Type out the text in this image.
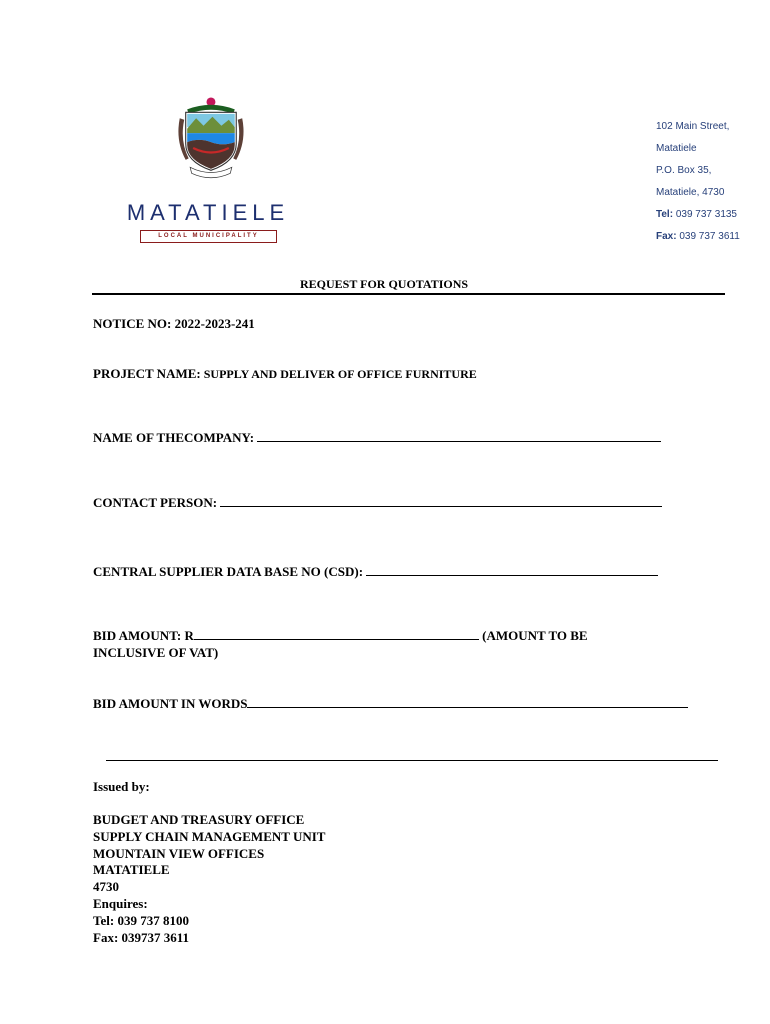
MATATIELE
LOCAL MUNICIPALITY
102 Main Street,
Matatiele
P.O. Box 35,
Matatiele, 4730
Tel: 039 737 3135
Fax: 039 737 3611
REQUEST FOR QUOTATIONS
NOTICE NO: 2022-2023-241
PROJECT NAME: SUPPLY AND DELIVER OF OFFICE FURNITURE
NAME OF THECOMPANY:
CONTACT PERSON:
CENTRAL SUPPLIER DATA BASE NO (CSD):
BID AMOUNT: R	(AMOUNT TO BE
INCLUSIVE OF VAT)
BID AMOUNT IN WORDS
Issued by:
BUDGET AND TREASURY OFFICE
SUPPLY CHAIN MANAGEMENT UNIT
MOUNTAIN VIEW OFFICES
MATATIELE
4730
Enquires:
Tel: 039 737 8100
Fax: 039737 3611
